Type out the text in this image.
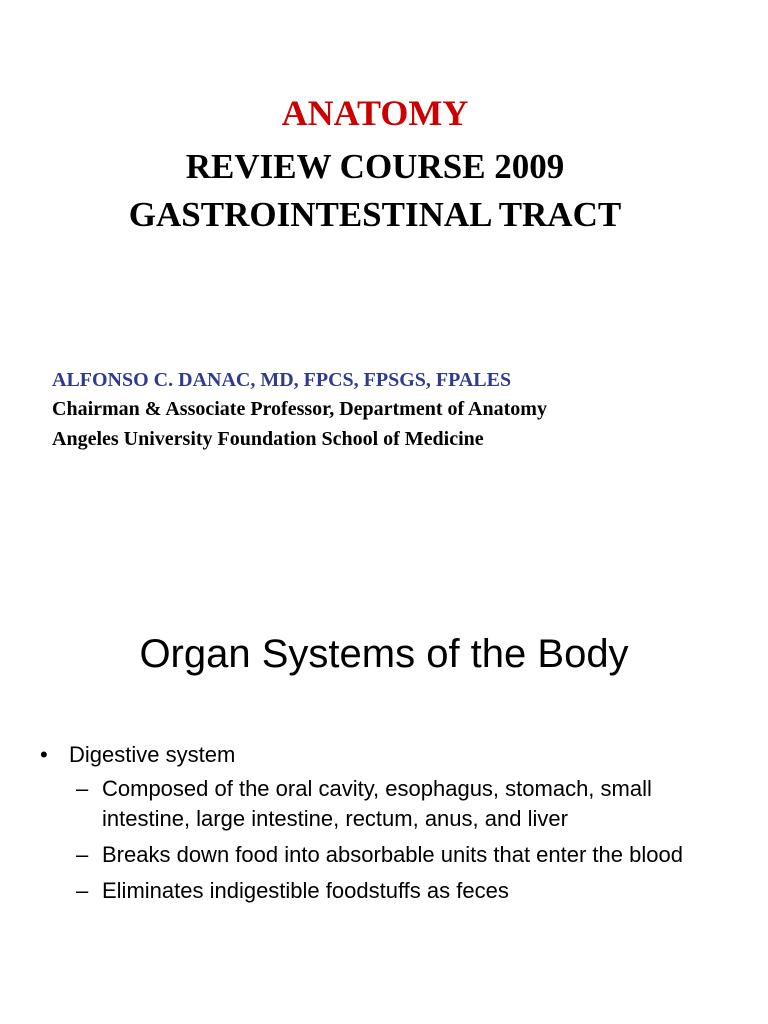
ANATOMY
REVIEW COURSE 2009
GASTROINTESTINAL TRACT
ALFONSO C. DANAC, MD, FPCS, FPSGS, FPALES
Chairman & Associate Professor, Department of Anatomy
Angeles University Foundation School of Medicine
Organ Systems of the Body
• Digestive system
– Composed of the oral cavity, esophagus, stomach, small intestine, large intestine, rectum, anus, and liver
– Breaks down food into absorbable units that enter the blood
– Eliminates indigestible foodstuffs as feces
